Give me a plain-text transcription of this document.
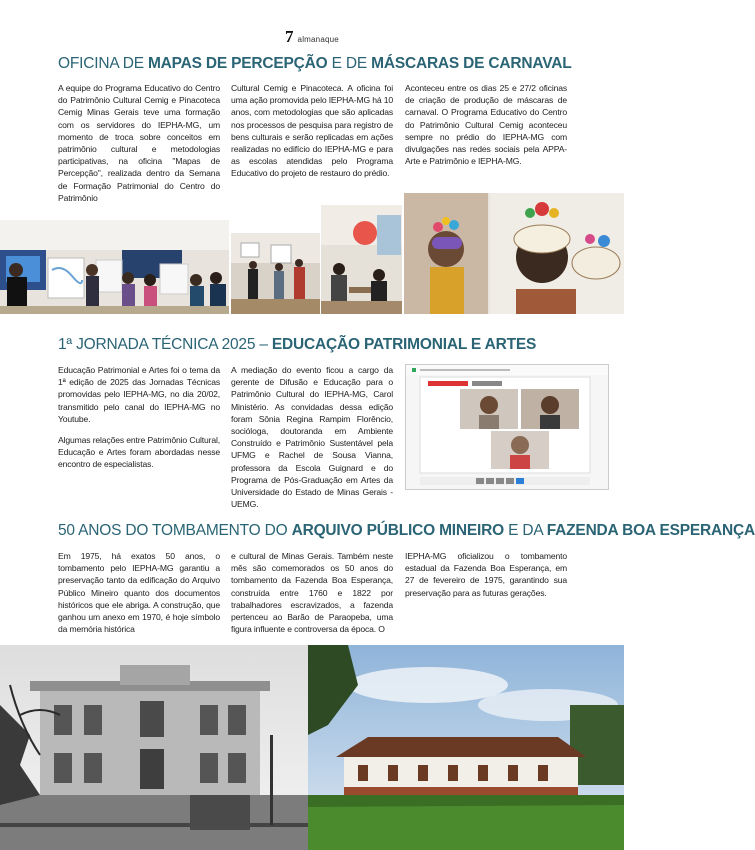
7 almanaque
OFICINA DE MAPAS DE PERCEPÇÃO E DE MÁSCARAS DE CARNAVAL

A equipe do Programa Educativo do Centro do Patrimônio Cultural Cemig e Pinacoteca Cemig Minas Gerais teve uma formação com os servidores do IEPHA-MG, um momento de troca sobre conceitos em patrimônio cultural e metodologias participativas, na oficina "Mapas de Percepção", realizada dentro da Semana de Formação Patrimonial do Centro do Patrimônio

Cultural Cemig e Pinacoteca. A oficina foi uma ação promovida pelo IEPHA-MG há 10 anos, com metodologias que são aplicadas nos processos de pesquisa para registro de bens culturais e serão replicadas em ações realizadas no edifício do IEPHA-MG e para as escolas atendidas pelo Programa Educativo do projeto de restauro do prédio.

Aconteceu entre os dias 25 e 27/2 oficinas de criação de produção de máscaras de carnaval. O Programa Educativo do Centro do Patrimônio Cultural Cemig aconteceu sempre no prédio do IEPHA-MG com divulgações nas redes sociais pela APPA-Arte e Patrimônio e IEPHA-MG.

1ª JORNADA TÉCNICA 2025 – EDUCAÇÃO PATRIMONIAL E ARTES

Educação Patrimonial e Artes foi o tema da 1ª edição de 2025 das Jornadas Técnicas promovidas pelo IEPHA-MG, no dia 20/02, transmitido pelo canal do IEPHA-MG no Youtube.

Algumas relações entre Patrimônio Cultural, Educação e Artes foram abordadas nesse encontro de especialistas.

A mediação do evento ficou a cargo da gerente de Difusão e Educação para o Patrimônio Cultural do IEPHA-MG, Carol Ministério. As convidadas dessa edição foram Sônia Regina Rampim Florêncio, socióloga, doutoranda em Ambiente Construído e Patrimônio Sustentável pela UFMG e Rachel de Sousa Vianna, professora da Escola Guignard e do Programa de Pós-Graduação em Artes da Universidade do Estado de Minas Gerais - UEMG.

50 ANOS DO TOMBAMENTO DO ARQUIVO PÚBLICO MINEIRO E DA FAZENDA BOA ESPERANÇA

Em 1975, há exatos 50 anos, o tombamento pelo IEPHA-MG garantiu a preservação tanto da edificação do Arquivo Público Mineiro quanto dos documentos históricos que ele abriga. A construção, que ganhou um anexo em 1970, é hoje símbolo da memória histórica

e cultural de Minas Gerais. Também neste mês são comemorados os 50 anos do tombamento da Fazenda Boa Esperança, construída entre 1760 e 1822 por trabalhadores escravizados, a fazenda pertenceu ao Barão de Paraopeba, uma figura influente e controversa da época. O

IEPHA-MG oficializou o tombamento estadual da Fazenda Boa Esperança, em 27 de fevereiro de 1975, garantindo sua preservação para as futuras gerações.
